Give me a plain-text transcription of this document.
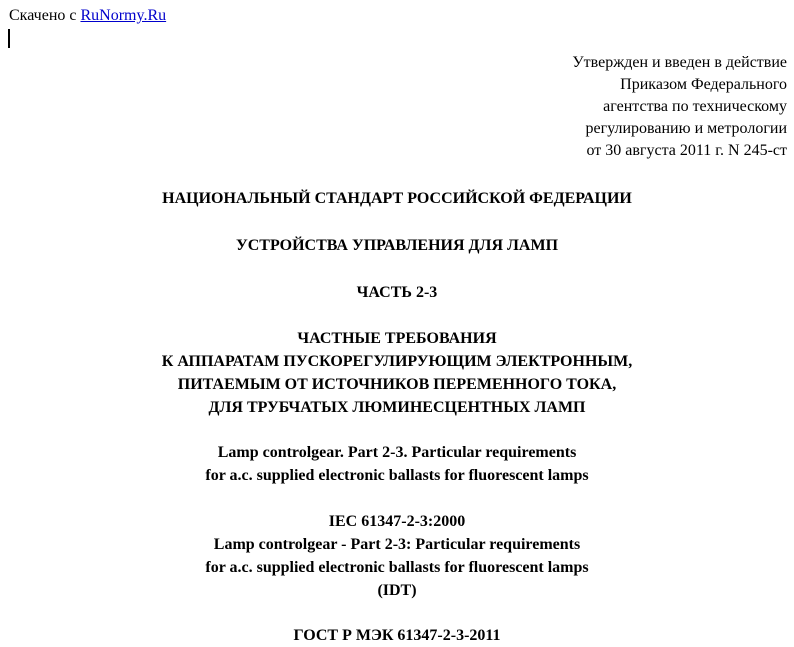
Скачено с RuNormy.Ru
Утвержден и введен в действие
Приказом Федерального
агентства по техническому
регулированию и метрологии
от 30 августа 2011 г. N 245-ст
НАЦИОНАЛЬНЫЙ СТАНДАРТ РОССИЙСКОЙ ФЕДЕРАЦИИ
УСТРОЙСТВА УПРАВЛЕНИЯ ДЛЯ ЛАМП
ЧАСТЬ 2-3
ЧАСТНЫЕ ТРЕБОВАНИЯ
К АППАРАТАМ ПУСКОРЕГУЛИРУЮЩИМ ЭЛЕКТРОННЫМ,
ПИТАЕМЫМ ОТ ИСТОЧНИКОВ ПЕРЕМЕННОГО ТОКА,
ДЛЯ ТРУБЧАТЫХ ЛЮМИНЕСЦЕНТНЫХ ЛАМП
Lamp controlgear. Part 2-3. Particular requirements
for a.c. supplied electronic ballasts for fluorescent lamps
IEC 61347-2-3:2000
Lamp controlgear - Part 2-3: Particular requirements
for a.c. supplied electronic ballasts for fluorescent lamps
(IDT)
ГОСТ Р МЭК 61347-2-3-2011
